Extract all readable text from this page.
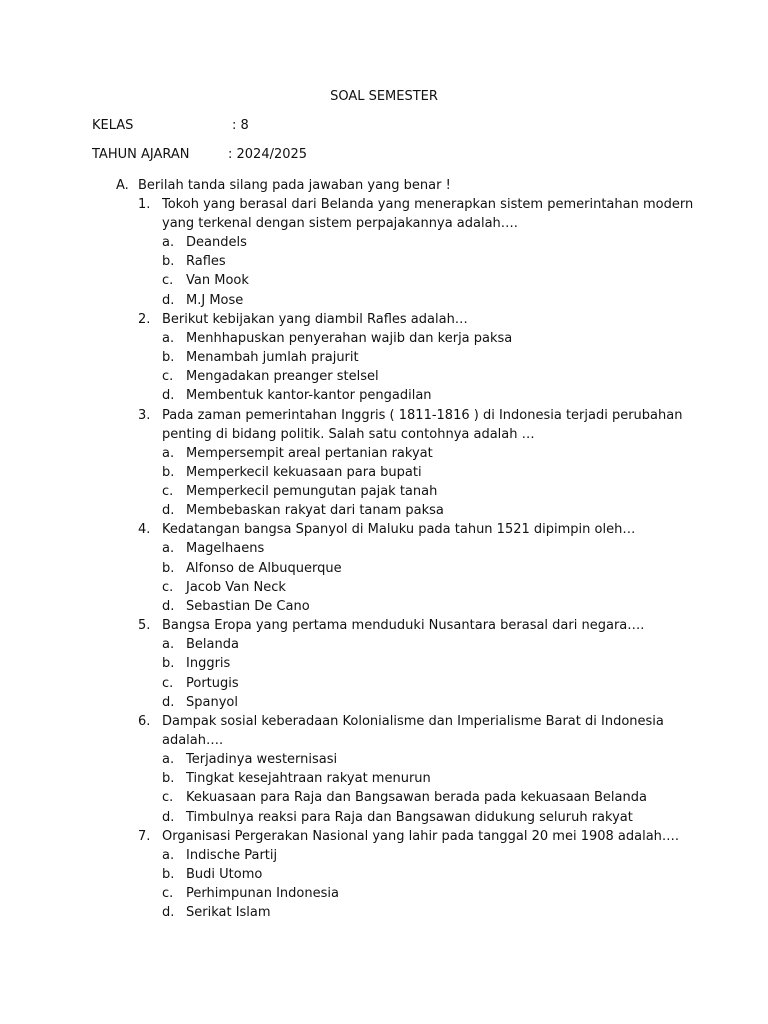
SOAL SEMESTER
KELAS	: 8
TAHUN AJARAN	: 2024/2025
A. Berilah tanda silang pada jawaban yang benar !
1. Tokoh yang berasal dari Belanda yang menerapkan sistem pemerintahan modern yang terkenal dengan sistem perpajakannya adalah….
a. Deandels
b. Rafles
c. Van Mook
d. M.J Mose
2. Berikut kebijakan yang diambil Rafles adalah…
a. Menhhapuskan penyerahan wajib dan kerja paksa
b. Menambah jumlah prajurit
c. Mengadakan preanger stelsel
d. Membentuk kantor-kantor pengadilan
3. Pada zaman pemerintahan Inggris ( 1811-1816 ) di Indonesia terjadi perubahan penting di bidang politik. Salah satu contohnya adalah …
a. Mempersempit areal pertanian rakyat
b. Memperkecil kekuasaan para bupati
c. Memperkecil pemungutan pajak tanah
d. Membebaskan rakyat dari tanam paksa
4. Kedatangan bangsa Spanyol di Maluku pada tahun 1521 dipimpin oleh…
a. Magelhaens
b. Alfonso de Albuquerque
c. Jacob Van Neck
d. Sebastian De Cano
5. Bangsa Eropa yang pertama menduduki Nusantara berasal dari negara….
a. Belanda
b. Inggris
c. Portugis
d. Spanyol
6. Dampak sosial keberadaan Kolonialisme dan Imperialisme Barat di Indonesia adalah….
a. Terjadinya westernisasi
b. Tingkat kesejahtraan rakyat menurun
c. Kekuasaan para Raja dan Bangsawan berada pada kekuasaan Belanda
d. Timbulnya reaksi para Raja dan Bangsawan didukung seluruh rakyat
7. Organisasi Pergerakan Nasional yang lahir pada tanggal 20 mei 1908 adalah….
a. Indische Partij
b. Budi Utomo
c. Perhimpunan Indonesia
d. Serikat Islam
